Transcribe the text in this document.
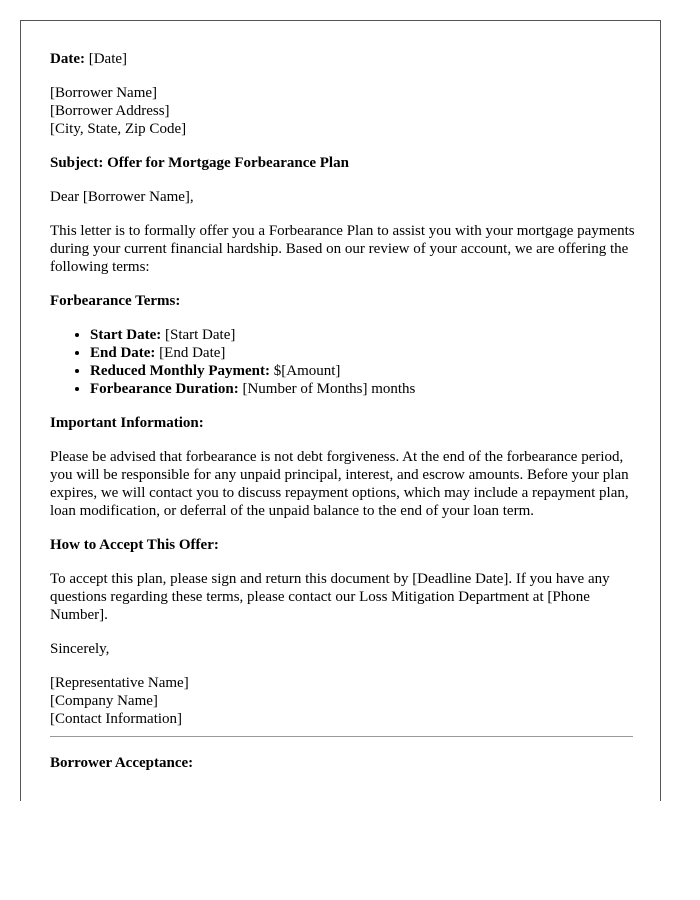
Date: [Date]

[Borrower Name]

[Borrower Address]

[City, State, Zip Code]

Subject: Offer for Mortgage Forbearance Plan

Dear [Borrower Name],

This letter is to formally offer you a Forbearance Plan to assist you with your mortgage payments during your current financial hardship. Based on our review of your account, we are offering the following terms:

Forbearance Terms:

• Start Date: [Start Date]
• End Date: [End Date]
• Reduced Monthly Payment: $[Amount]
• Forbearance Duration: [Number of Months] months

Important Information:

Please be advised that forbearance is not debt forgiveness. At the end of the forbearance period, you will be responsible for any unpaid principal, interest, and escrow amounts. Before your plan expires, we will contact you to discuss repayment options, which may include a repayment plan, loan modification, or deferral of the unpaid balance to the end of your loan term.

How to Accept This Offer:

To accept this plan, please sign and return this document by [Deadline Date]. If you have any questions regarding these terms, please contact our Loss Mitigation Department at [Phone Number].

Sincerely,

[Representative Name]

[Company Name]

[Contact Information]

Borrower Acceptance:
